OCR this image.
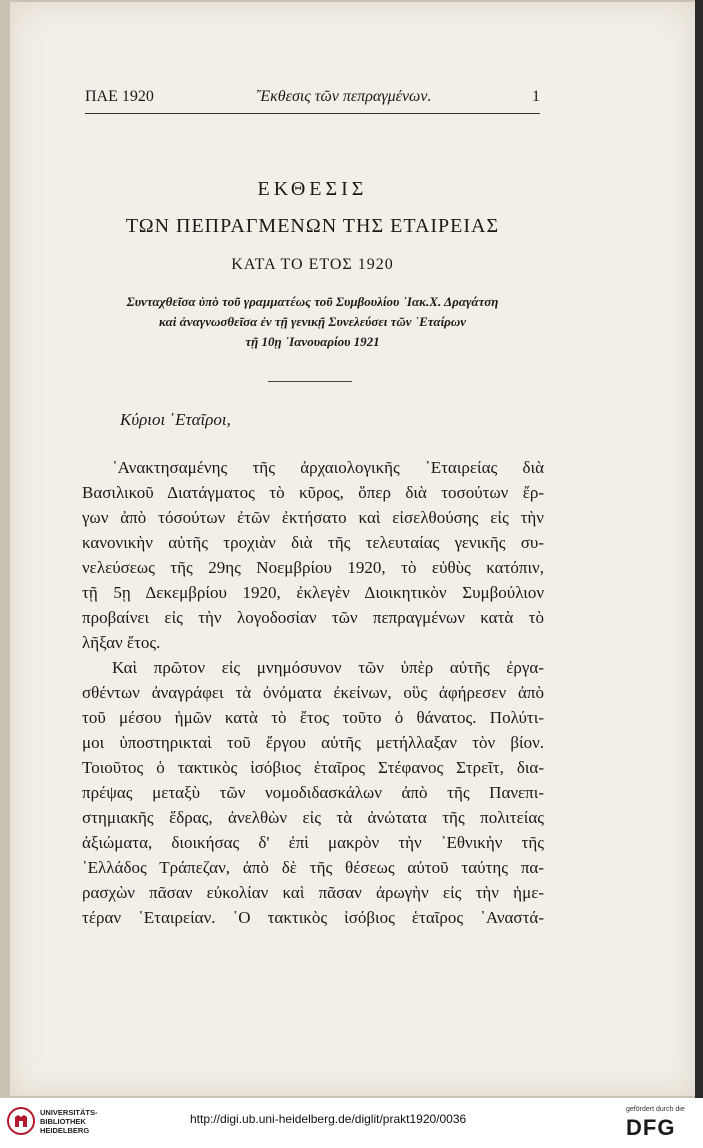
ΠΑΕ 1920	῎Εκθεσις τῶν πεπραγμένων.	1
ΕΚΘΕΣΙΣ
ΤΩΝ ΠΕΠΡΑΓΜΕΝΩΝ ΤΗΣ ΕΤΑΙΡΕΙΑΣ
ΚΑΤΑ ΤΟ ΕΤΟΣ 1920
Συνταχθεῖσα ὑπὸ τοῦ γραμματέως τοῦ Συμβουλίου ᾿Ιακ.Χ. Δραγάτση
καὶ ἀναγνωσθεῖσα ἐν τῇ γενικῇ Συνελεύσει τῶν ῾Εταίρων
τῇ 10ῃ ᾿Ιανουαρίου 1921
Κύριοι ῾Εταῖροι,
᾿Ανακτησαμένης τῆς ἀρχαιολογικῆς ῾Εταιρείας διὰ
Βασιλικοῦ Διατάγματος τὸ κῦρος, ὅπερ διὰ τοσούτων ἔρ-
γων ἀπὸ τόσούτων ἐτῶν ἐκτήσατο καὶ εἰσελθούσης εἰς τὴν
κανονικὴν αὐτῆς τροχιὰν διὰ τῆς τελευταίας γενικῆς συ-
νελεύσεως τῆς 29ης Νοεμβρίου 1920, τὸ εὐθὺς κατόπιν,
τῇ 5ῃ Δεκεμβρίου 1920, ἐκλεγὲν Διοικητικὸν Συμβούλιον
προβαίνει εἰς τὴν λογοδοσίαν τῶν πεπραγμένων κατὰ τὸ
λῆξαν ἔτος.
Καὶ πρῶτον εἰς μνημόσυνον τῶν ὑπὲρ αὐτῆς ἐργα-
σθέντων ἀναγράφει τὰ ὀνόματα ἐκείνων, οὓς ἀφήρεσεν ἀπὸ
τοῦ μέσου ἡμῶν κατὰ τὸ ἔτος τοῦτο ὁ θάνατος. Πολύτι-
μοι ὑποστηρικταὶ τοῦ ἔργου αὐτῆς μετήλλαξαν τὸν βίον.
Τοιοῦτος ὁ τακτικὸς ἰσόβιος ἑταῖρος Στέφανος Στρεῖτ, δια-
πρέψας μεταξὺ τῶν νομοδιδασκάλων ἀπὸ τῆς Πανεπι-
στημιακῆς ἕδρας, ἀνελθὼν εἰς τὰ ἀνώτατα τῆς πολιτείας
ἀξιώματα, διοικήσας δ' ἐπὶ μακρὸν τὴν ᾿Εθνικὴν τῆς
῾Ελλάδος Τράπεζαν, ἀπὸ δὲ τῆς θέσεως αὐτοῦ ταύτης πα-
ρασχὼν πᾶσαν εὐκολίαν καὶ πᾶσαν ἀρωγὴν εἰς τὴν ἡμε-
τέραν ῾Εταιρείαν. ῾Ο τακτικὸς ἰσόβιος ἑταῖρος ᾿Αναστά-
UNIVERSITÄTS-
BIBLIOTHEK
HEIDELBERG
http://digi.ub.uni-heidelberg.de/diglit/prakt1920/0036
gefördert durch die
DFG
